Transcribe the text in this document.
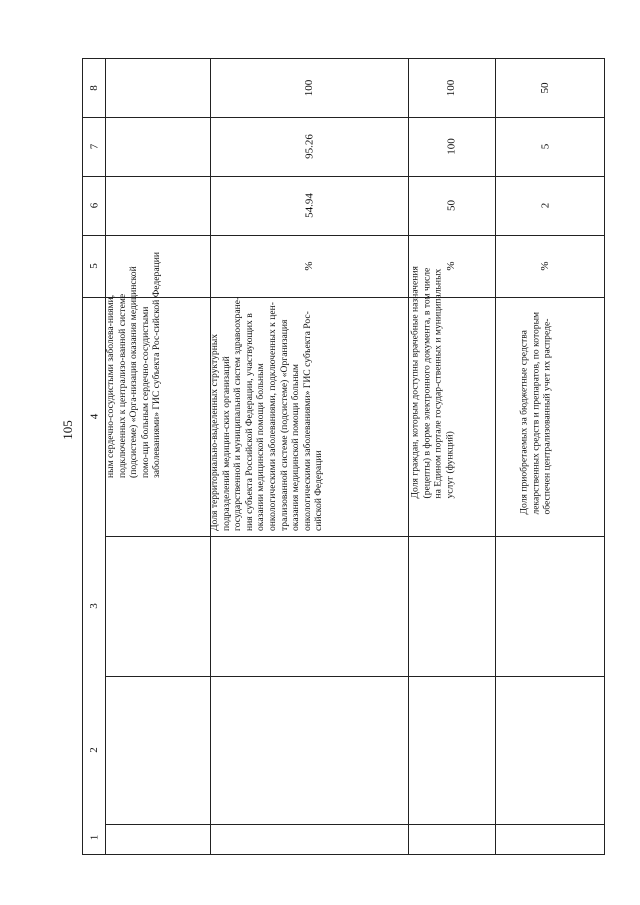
105
1
2
3
4
5
6
7
8
ным сердечно-сосудистыми заболева-ниями, подключенных к централизо-ванной системе (подсистеме) «Орга-низация оказания медицинской помо-щи больным сердечно-сосудистыми заболеваниями» ГИС субъекта Рос-сийской Федерации	Доля территориально-выделенных структурных подразделений медицин-ских организаций государственной и муниципальной систем здравоохране-ния субъекта Российской Федерации, участвующих в оказании медицинской помощи больным онкологическими заболеваниями, подключенных к цен-трализованной системе (подсистеме) «Организация оказания медицинской помощи больным онкологическими заболеваниями» ГИС субъекта Рос-сийской Федерации
%
54.94
95.26
100
Доля граждан, которым доступны врачебные назначения (рецепты) в форме электронного документа, в том числе на Едином портале государ-ственных и муниципальных услуг (функций)
%
50
100
100
Доля приобретаемых за бюджетные средства лекарственных средств и препаратов, по которым обеспечен централизованный учет их распреде-
%
2
5
50
